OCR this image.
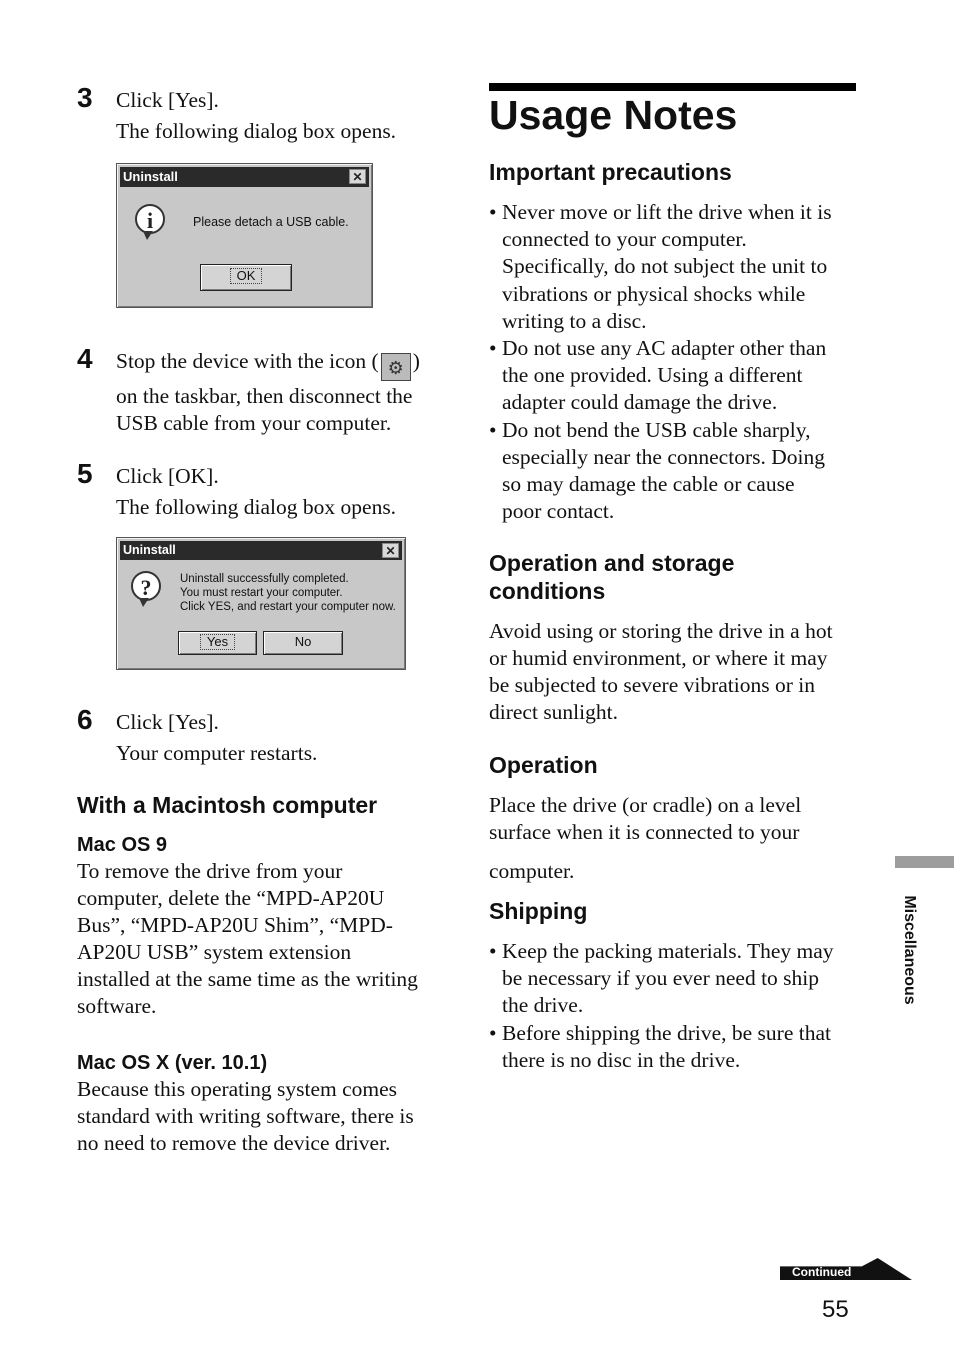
3 Click [Yes].

The following dialog box opens.

Uninstall	✕
i	Please detach a USB cable.
OK
4 Stop the device with the icon ( ⚙ )

on the taskbar, then disconnect the

USB cable from your computer.

5 Click [OK].

The following dialog box opens.

Uninstall	✕
?	Uninstall successfully completed.
You must restart your computer.
Click YES, and restart your computer now.
Yes	No
6 Click [Yes].

Your computer restarts.

With a Macintosh computer
Mac OS 9

To remove the drive from your

computer, delete the “MPD-AP20U

Bus”, “MPD-AP20U Shim”, “MPD-

AP20U USB” system extension

installed at the same time as the writing

software.

Mac OS X (ver. 10.1)

Because this operating system comes

standard with writing software, there is

no need to remove the device driver.

Usage Notes
Important precautions
• Never move or lift the drive when it is
connected to your computer.
Specifically, do not subject the unit to
vibrations or physical shocks while
writing to a disc.
• Do not use any AC adapter other than
the one provided. Using a different
adapter could damage the drive.
• Do not bend the USB cable sharply,
especially near the connectors. Doing
so may damage the cable or cause
poor contact.
Operation and storage
conditions

Avoid using or storing the drive in a hot

or humid environment, or where it may

be subjected to severe vibrations or in

direct sunlight.

Operation

Place the drive (or cradle) on a level

surface when it is connected to your

computer.

Shipping
• Keep the packing materials. They may
be necessary if you ever need to ship
the drive.
• Before shipping the drive, be sure that
there is no disc in the drive.
Miscellaneous
Continued
55
